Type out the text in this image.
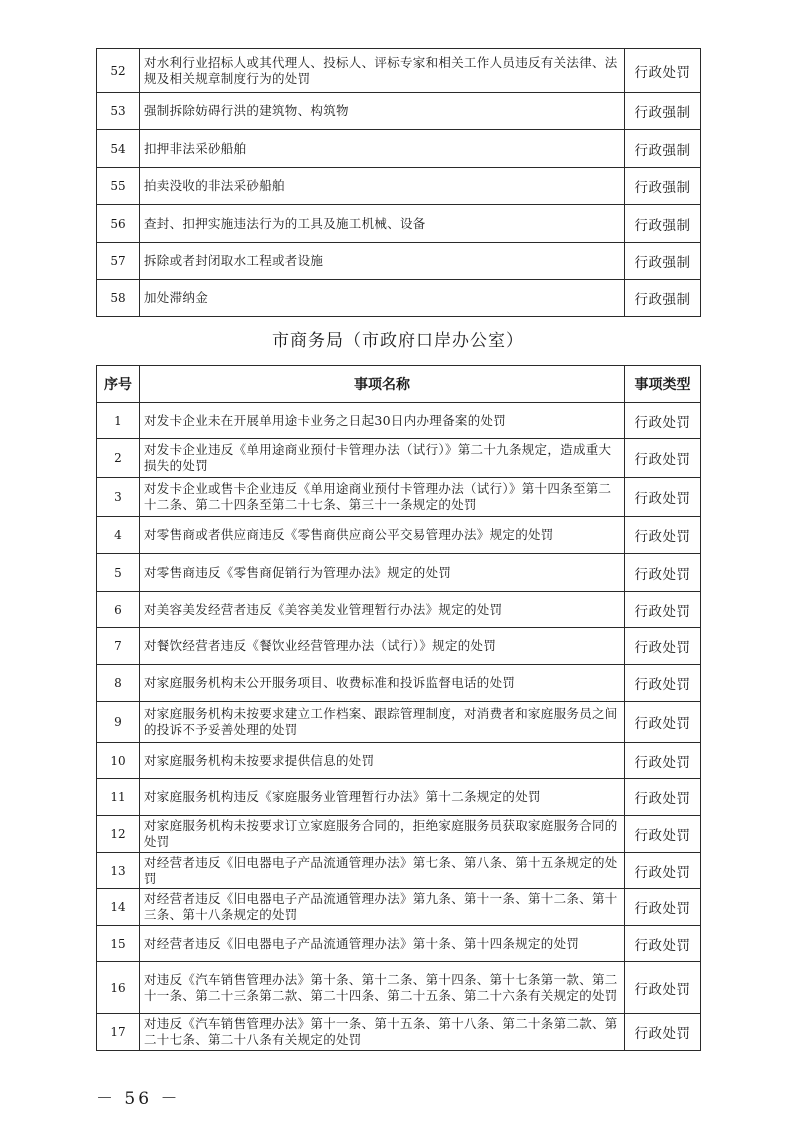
52	对水利行业招标人或其代理人、投标人、评标专家和相关工作人员违反有关法律、法规及相关规章制度行为的处罚	行政处罚
53	强制拆除妨碍行洪的建筑物、构筑物	行政强制
54	扣押非法采砂船舶	行政强制
55	拍卖没收的非法采砂船舶	行政强制
56	查封、扣押实施违法行为的工具及施工机械、设备	行政强制
57	拆除或者封闭取水工程或者设施	行政强制
58	加处滞纳金	行政强制
市商务局（市政府口岸办公室）
序号	事项名称	事项类型
1	对发卡企业未在开展单用途卡业务之日起30日内办理备案的处罚	行政处罚
2	对发卡企业违反《单用途商业预付卡管理办法（试行）》第二十九条规定，造成重大损失的处罚	行政处罚
3	对发卡企业或售卡企业违反《单用途商业预付卡管理办法（试行）》第十四条至第二十二条、第二十四条至第二十七条、第三十一条规定的处罚	行政处罚
4	对零售商或者供应商违反《零售商供应商公平交易管理办法》规定的处罚	行政处罚
5	对零售商违反《零售商促销行为管理办法》规定的处罚	行政处罚
6	对美容美发经营者违反《美容美发业管理暂行办法》规定的处罚	行政处罚
7	对餐饮经营者违反《餐饮业经营管理办法（试行）》规定的处罚	行政处罚
8	对家庭服务机构未公开服务项目、收费标准和投诉监督电话的处罚	行政处罚
9	对家庭服务机构未按要求建立工作档案、跟踪管理制度，对消费者和家庭服务员之间的投诉不予妥善处理的处罚	行政处罚
10	对家庭服务机构未按要求提供信息的处罚	行政处罚
11	对家庭服务机构违反《家庭服务业管理暂行办法》第十二条规定的处罚	行政处罚
12	对家庭服务机构未按要求订立家庭服务合同的，拒绝家庭服务员获取家庭服务合同的处罚	行政处罚
13	对经营者违反《旧电器电子产品流通管理办法》第七条、第八条、第十五条规定的处罚	行政处罚
14	对经营者违反《旧电器电子产品流通管理办法》第九条、第十一条、第十二条、第十三条、第十八条规定的处罚	行政处罚
15	对经营者违反《旧电器电子产品流通管理办法》第十条、第十四条规定的处罚	行政处罚
16	对违反《汽车销售管理办法》第十条、第十二条、第十四条、第十七条第一款、第二十一条、第二十三条第二款、第二十四条、第二十五条、第二十六条有关规定的处罚	行政处罚
17	对违反《汽车销售管理办法》第十一条、第十五条、第十八条、第二十条第二款、第二十七条、第二十八条有关规定的处罚	行政处罚
－ 56 －
